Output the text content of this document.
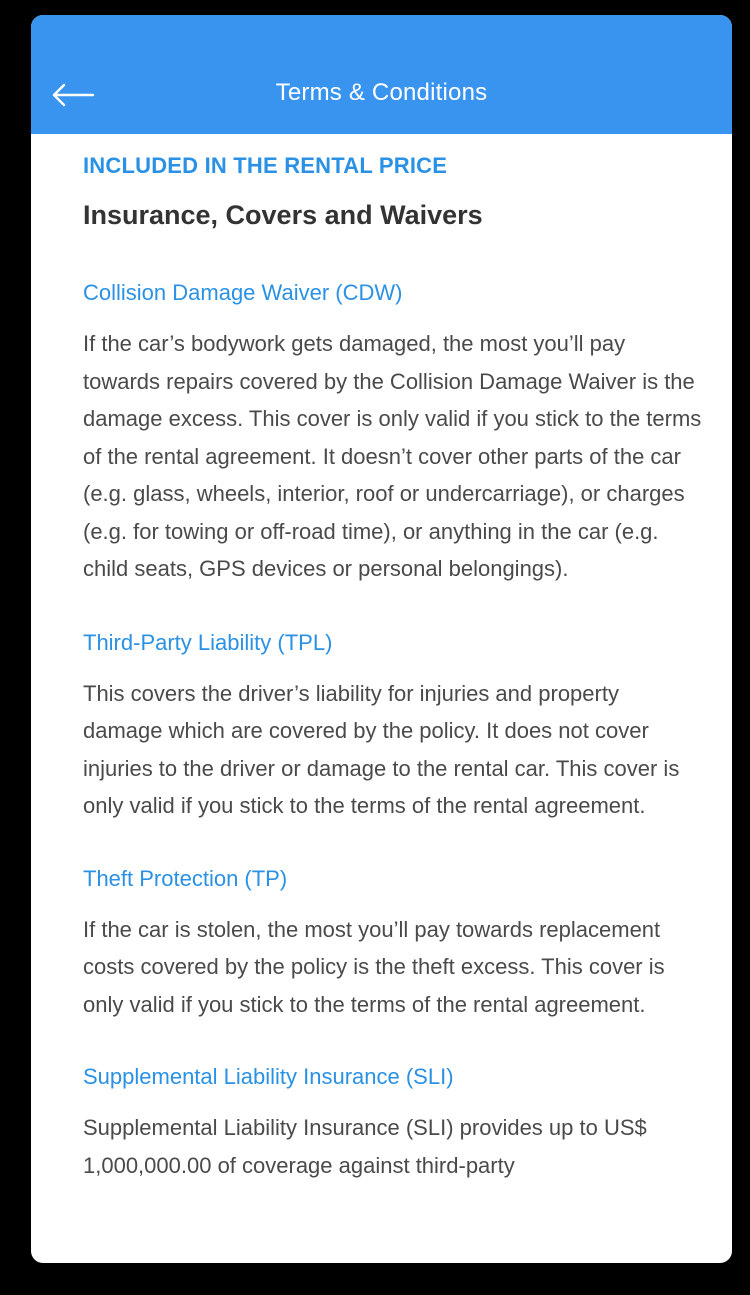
Terms & Conditions
INCLUDED IN THE RENTAL PRICE
Insurance, Covers and Waivers
Collision Damage Waiver (CDW)
If the car’s bodywork gets damaged, the most you’ll pay towards repairs covered by the Collision Damage Waiver is the damage excess. This cover is only valid if you stick to the terms of the rental agreement. It doesn’t cover other parts of the car (e.g. glass, wheels, interior, roof or undercarriage), or charges (e.g. for towing or off-road time), or anything in the car (e.g. child seats, GPS devices or personal belongings).
Third-Party Liability (TPL)
This covers the driver’s liability for injuries and property damage which are covered by the policy. It does not cover injuries to the driver or damage to the rental car. This cover is only valid if you stick to the terms of the rental agreement.
Theft Protection (TP)
If the car is stolen, the most you’ll pay towards replacement costs covered by the policy is the theft excess. This cover is only valid if you stick to the terms of the rental agreement.
Supplemental Liability Insurance (SLI)
Supplemental Liability Insurance (SLI) provides up to US$ 1,000,000.00 of coverage against third-party
